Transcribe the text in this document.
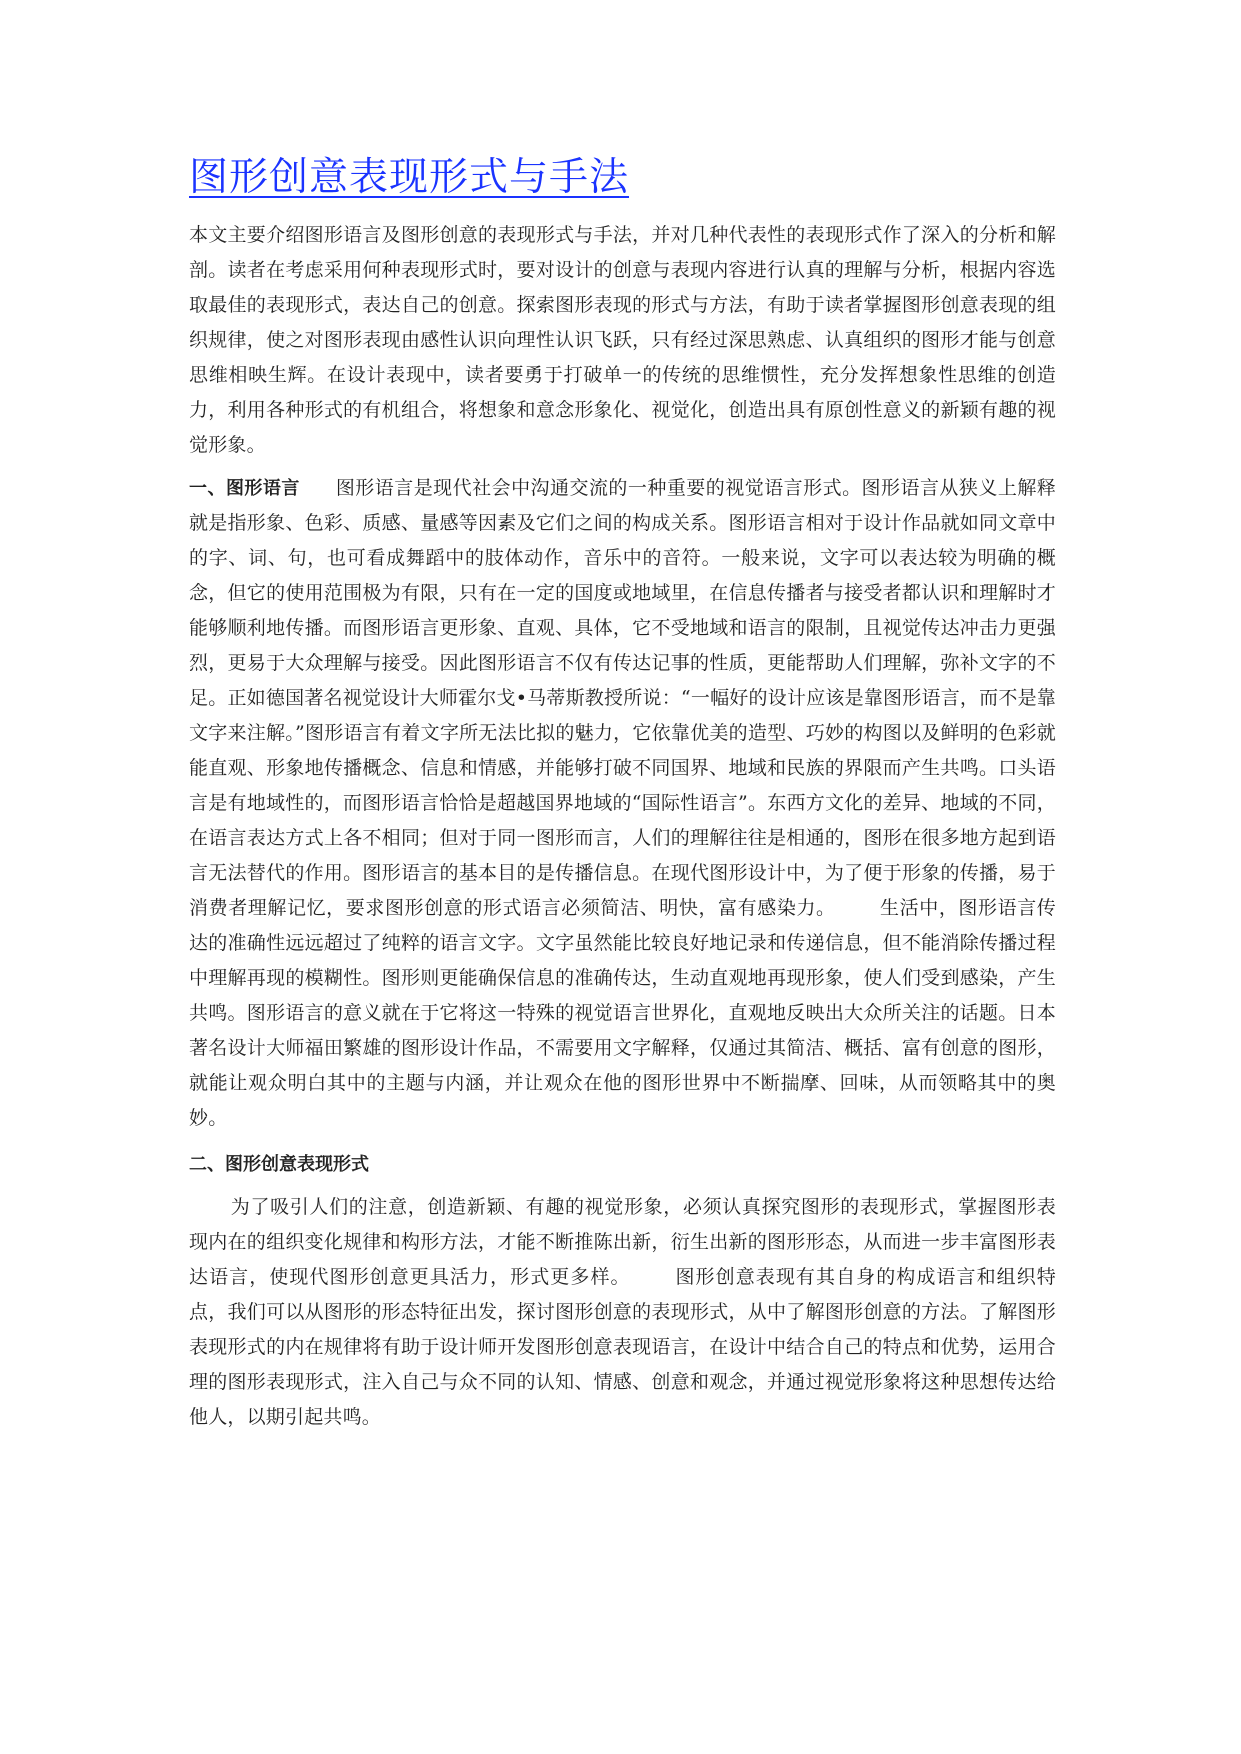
图形创意表现形式与手法

本文主要介绍图形语言及图形创意的表现形式与手法，并对几种代表性的表现形式作了深入的分析和解剖。读者在考虑采用何种表现形式时，要对设计的创意与表现内容进行认真的理解与分析，根据内容选取最佳的表现形式，表达自己的创意。探索图形表现的形式与方法，有助于读者掌握图形创意表现的组织规律，使之对图形表现由感性认识向理性认识飞跃，只有经过深思熟虑、认真组织的图形才能与创意思维相映生辉。在设计表现中，读者要勇于打破单一的传统的思维惯性，充分发挥想象性思维的创造力，利用各种形式的有机组合，将想象和意念形象化、视觉化，创造出具有原创性意义的新颖有趣的视觉形象。

一、图形语言 图形语言是现代社会中沟通交流的一种重要的视觉语言形式。图形语言从狭义上解释就是指形象、色彩、质感、量感等因素及它们之间的构成关系。图形语言相对于设计作品就如同文章中的字、词、句，也可看成舞蹈中的肢体动作，音乐中的音符。一般来说，文字可以表达较为明确的概念，但它的使用范围极为有限，只有在一定的国度或地域里，在信息传播者与接受者都认识和理解时才能够顺利地传播。而图形语言更形象、直观、具体，它不受地域和语言的限制，且视觉传达冲击力更强烈，更易于大众理解与接受。因此图形语言不仅有传达记事的性质，更能帮助人们理解，弥补文字的不足。正如德国著名视觉设计大师霍尔戈•马蒂斯教授所说：“一幅好的设计应该是靠图形语言，而不是靠文字来注解。”图形语言有着文字所无法比拟的魅力，它依靠优美的造型、巧妙的构图以及鲜明的色彩就能直观、形象地传播概念、信息和情感，并能够打破不同国界、地域和民族的界限而产生共鸣。口头语言是有地域性的，而图形语言恰恰是超越国界地域的“国际性语言”。东西方文化的差异、地域的不同，在语言表达方式上各不相同；但对于同一图形而言，人们的理解往往是相通的，图形在很多地方起到语言无法替代的作用。图形语言的基本目的是传播信息。在现代图形设计中，为了便于形象的传播，易于消费者理解记忆，要求图形创意的形式语言必须简洁、明快，富有感染力。 生活中，图形语言传达的准确性远远超过了纯粹的语言文字。文字虽然能比较良好地记录和传递信息，但不能消除传播过程中理解再现的模糊性。图形则更能确保信息的准确传达，生动直观地再现形象，使人们受到感染，产生共鸣。图形语言的意义就在于它将这一特殊的视觉语言世界化，直观地反映出大众所关注的话题。日本著名设计大师福田繁雄的图形设计作品，不需要用文字解释，仅通过其简洁、概括、富有创意的图形，就能让观众明白其中的主题与内涵，并让观众在他的图形世界中不断揣摩、回味，从而领略其中的奥妙。

二、图形创意表现形式

为了吸引人们的注意，创造新颖、有趣的视觉形象，必须认真探究图形的表现形式，掌握图形表现内在的组织变化规律和构形方法，才能不断推陈出新，衍生出新的图形形态，从而进一步丰富图形表达语言，使现代图形创意更具活力，形式更多样。 图形创意表现有其自身的构成语言和组织特点，我们可以从图形的形态特征出发，探讨图形创意的表现形式，从中了解图形创意的方法。了解图形表现形式的内在规律将有助于设计师开发图形创意表现语言，在设计中结合自己的特点和优势，运用合理的图形表现形式，注入自己与众不同的认知、情感、创意和观念，并通过视觉形象将这种思想传达给他人，以期引起共鸣。
